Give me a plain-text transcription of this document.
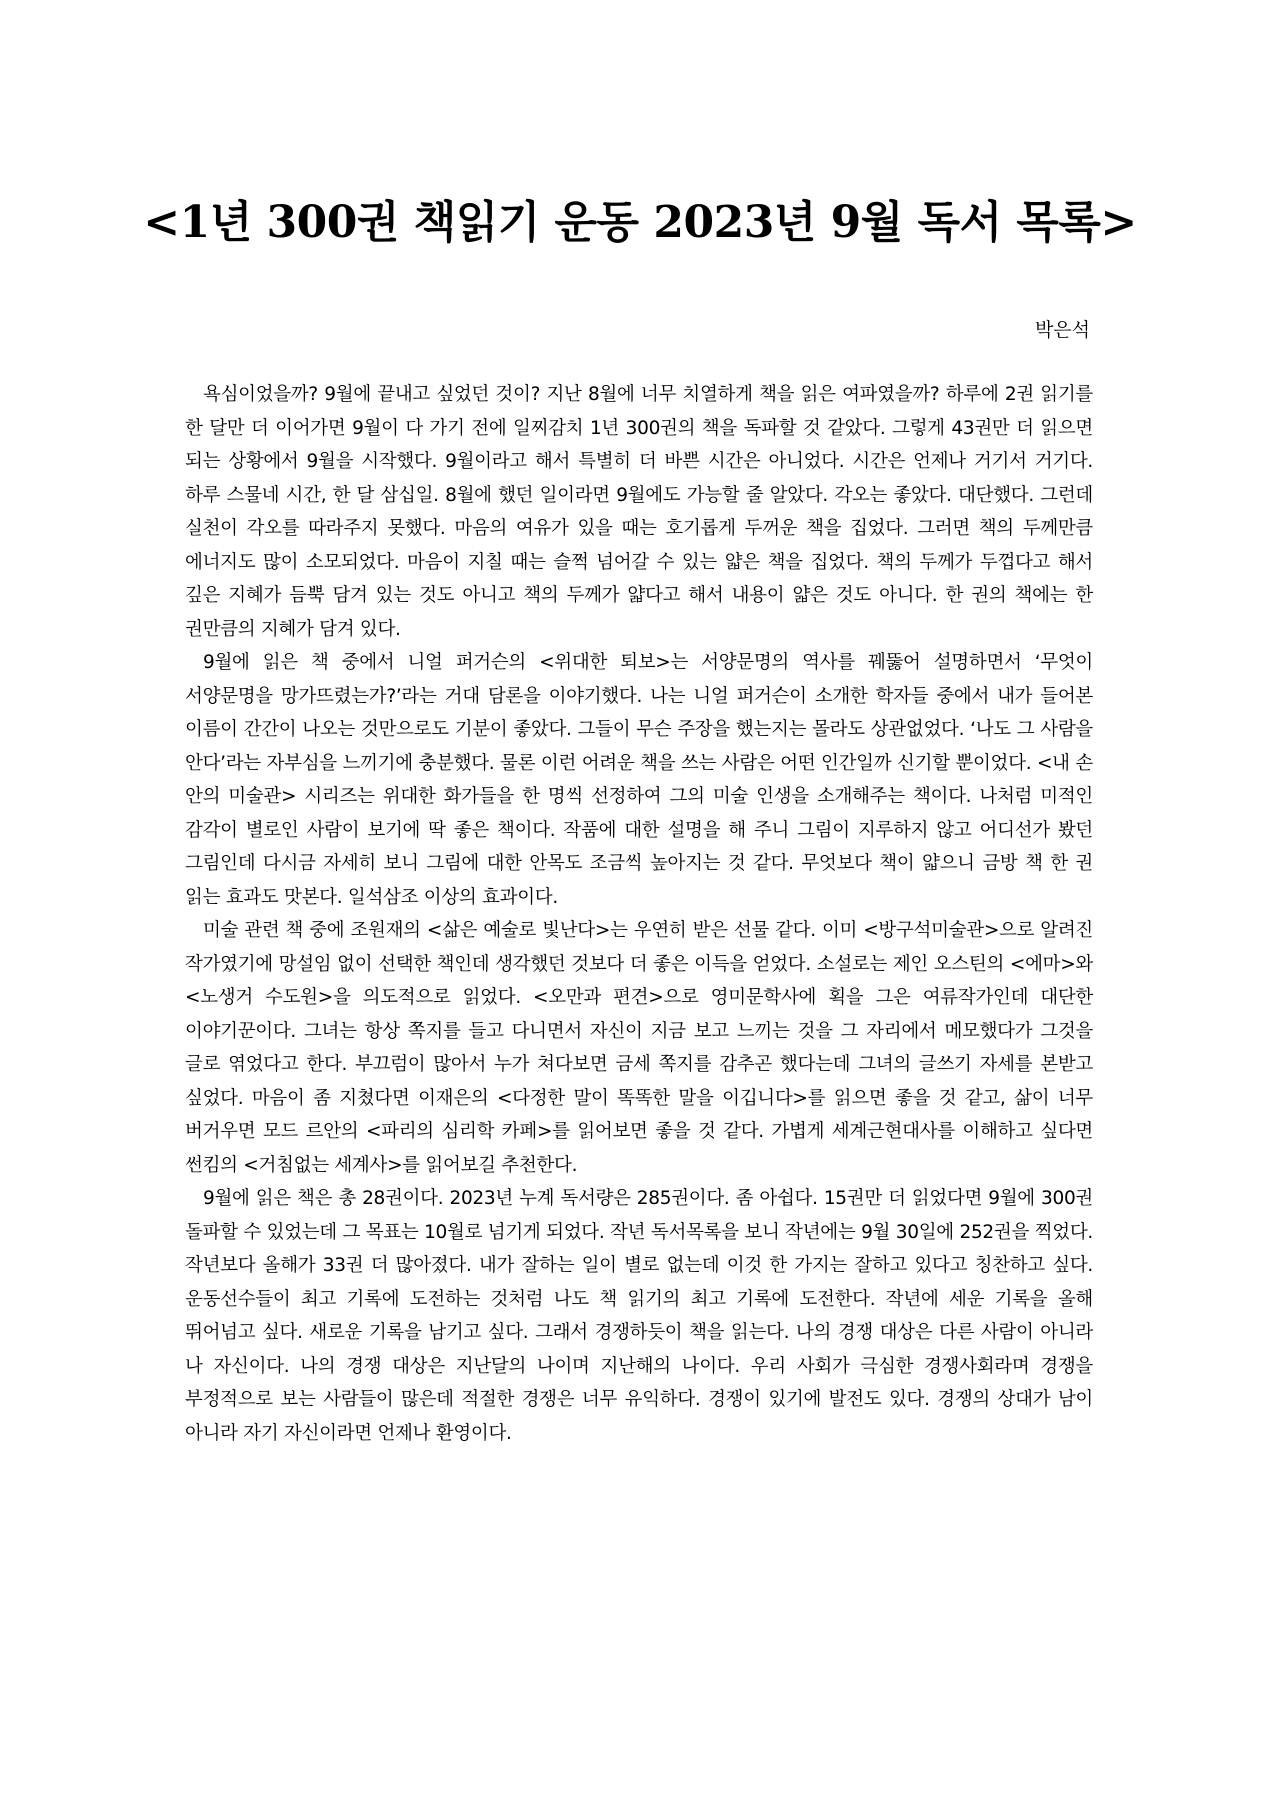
<1년 300권 책읽기 운동 2023년 9월 독서 목록>
박은석

욕심이었을까? 9월에 끝내고 싶었던 것이? 지난 8월에 너무 치열하게 책을 읽은 여파였을까? 하루에 2권 읽기를 한 달만 더 이어가면 9월이 다 가기 전에 일찌감치 1년 300권의 책을 독파할 것 같았다. 그렇게 43권만 더 읽으면 되는 상황에서 9월을 시작했다. 9월이라고 해서 특별히 더 바쁜 시간은 아니었다. 시간은 언제나 거기서 거기다. 하루 스물네 시간, 한 달 삼십일. 8월에 했던 일이라면 9월에도 가능할 줄 알았다. 각오는 좋았다. 대단했다. 그런데 실천이 각오를 따라주지 못했다. 마음의 여유가 있을 때는 호기롭게 두꺼운 책을 집었다. 그러면 책의 두께만큼 에너지도 많이 소모되었다. 마음이 지칠 때는 슬쩍 넘어갈 수 있는 얇은 책을 집었다. 책의 두께가 두껍다고 해서 깊은 지혜가 듬뿍 담겨 있는 것도 아니고 책의 두께가 얇다고 해서 내용이 얇은 것도 아니다. 한 권의 책에는 한 권만큼의 지혜가 담겨 있다.

9월에 읽은 책 중에서 니얼 퍼거슨의 <위대한 퇴보>는 서양문명의 역사를 꿰뚫어 설명하면서 ‘무엇이 서양문명을 망가뜨렸는가?’라는 거대 담론을 이야기했다. 나는 니얼 퍼거슨이 소개한 학자들 중에서 내가 들어본 이름이 간간이 나오는 것만으로도 기분이 좋았다. 그들이 무슨 주장을 했는지는 몰라도 상관없었다. ‘나도 그 사람을 안다’라는 자부심을 느끼기에 충분했다. 물론 이런 어려운 책을 쓰는 사람은 어떤 인간일까 신기할 뿐이었다. <내 손 안의 미술관> 시리즈는 위대한 화가들을 한 명씩 선정하여 그의 미술 인생을 소개해주는 책이다. 나처럼 미적인 감각이 별로인 사람이 보기에 딱 좋은 책이다. 작품에 대한 설명을 해 주니 그림이 지루하지 않고 어디선가 봤던 그림인데 다시금 자세히 보니 그림에 대한 안목도 조금씩 높아지는 것 같다. 무엇보다 책이 얇으니 금방 책 한 권 읽는 효과도 맛본다. 일석삼조 이상의 효과이다.

미술 관련 책 중에 조원재의 <삶은 예술로 빛난다>는 우연히 받은 선물 같다. 이미 <방구석미술관>으로 알려진 작가였기에 망설임 없이 선택한 책인데 생각했던 것보다 더 좋은 이득을 얻었다. 소설로는 제인 오스틴의 <에마>와 <노생거 수도원>을 의도적으로 읽었다. <오만과 편견>으로 영미문학사에 획을 그은 여류작가인데 대단한 이야기꾼이다. 그녀는 항상 쪽지를 들고 다니면서 자신이 지금 보고 느끼는 것을 그 자리에서 메모했다가 그것을 글로 엮었다고 한다. 부끄럼이 많아서 누가 쳐다보면 금세 쪽지를 감추곤 했다는데 그녀의 글쓰기 자세를 본받고 싶었다. 마음이 좀 지쳤다면 이재은의 <다정한 말이 똑똑한 말을 이깁니다>를 읽으면 좋을 것 같고, 삶이 너무 버거우면 모드 르안의 <파리의 심리학 카페>를 읽어보면 좋을 것 같다. 가볍게 세계근현대사를 이해하고 싶다면 썬킴의 <거침없는 세계사>를 읽어보길 추천한다.

9월에 읽은 책은 총 28권이다. 2023년 누계 독서량은 285권이다. 좀 아쉽다. 15권만 더 읽었다면 9월에 300권 돌파할 수 있었는데 그 목표는 10월로 넘기게 되었다. 작년 독서목록을 보니 작년에는 9월 30일에 252권을 찍었다. 작년보다 올해가 33권 더 많아졌다. 내가 잘하는 일이 별로 없는데 이것 한 가지는 잘하고 있다고 칭찬하고 싶다. 운동선수들이 최고 기록에 도전하는 것처럼 나도 책 읽기의 최고 기록에 도전한다. 작년에 세운 기록을 올해 뛰어넘고 싶다. 새로운 기록을 남기고 싶다. 그래서 경쟁하듯이 책을 읽는다. 나의 경쟁 대상은 다른 사람이 아니라 나 자신이다. 나의 경쟁 대상은 지난달의 나이며 지난해의 나이다. 우리 사회가 극심한 경쟁사회라며 경쟁을 부정적으로 보는 사람들이 많은데 적절한 경쟁은 너무 유익하다. 경쟁이 있기에 발전도 있다. 경쟁의 상대가 남이 아니라 자기 자신이라면 언제나 환영이다.
